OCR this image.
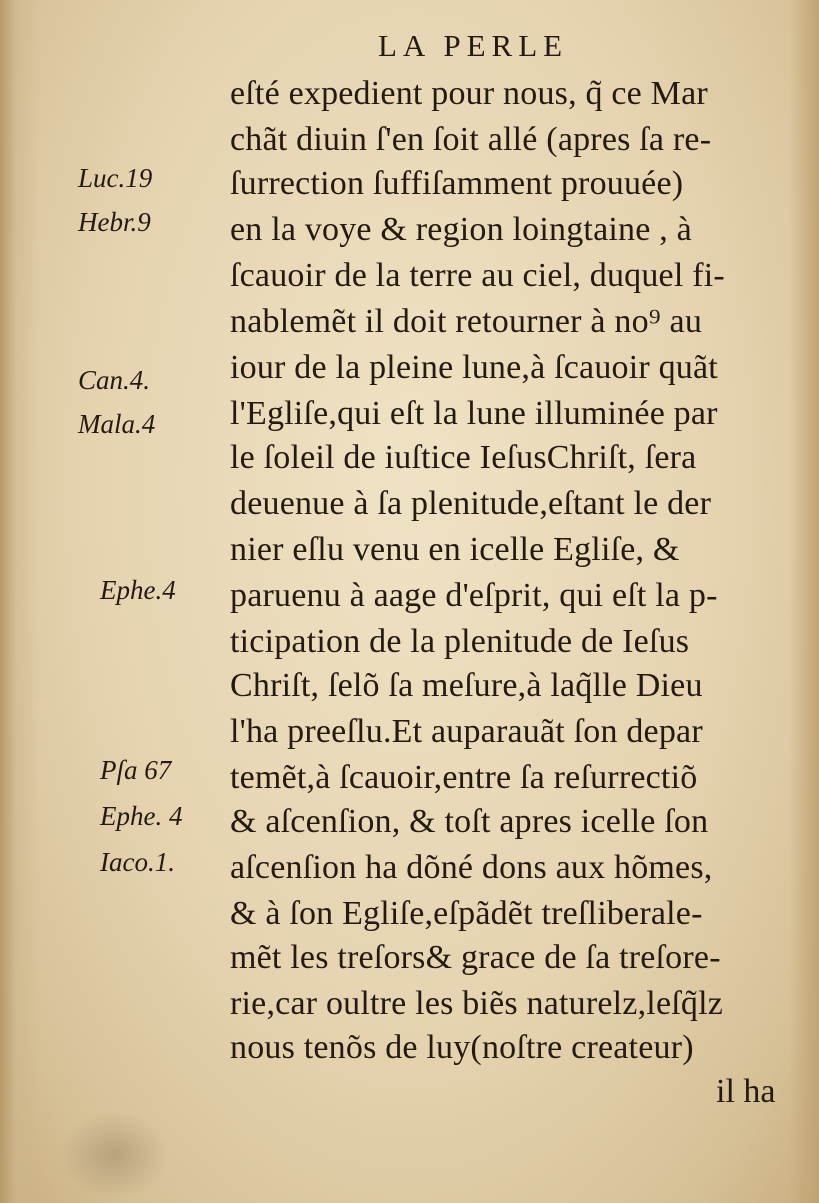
LA PERLE
Luc.19
Hebr.9
Can.4.
Mala.4
Ephe.4
Pſa 67
Ephe. 4
Iaco.1.
eſté expedient pour nous, q̃ ce Mar
chãt diuin ſ'en ſoit allé (apres ſa re-
ſurrection ſuffiſamment prouuée)
en la voye & region loingtaine , à
ſcauoir de la terre au ciel, duquel fi-
nablemẽt il doit retourner à no⁹ au
iour de la pleine lune,à ſcauoir quãt
l'Egliſe,qui eſt la lune illuminée par
le ſoleil de iuſtice IeſusChriſt, ſera
deuenue à ſa plenitude,eſtant le der
nier eſlu venu en icelle Egliſe, &
paruenu à aage d'eſprit, qui eſt la p-
ticipation de la plenitude de Ieſus
Chriſt, ſelõ ſa meſure,à laq̃lle Dieu
l'ha preeſlu.Et auparauãt ſon depar
temẽt,à ſcauoir,entre ſa reſurrectiõ
& aſcenſion, & toſt apres icelle ſon
aſcenſion ha dõné dons aux hõmes,
& à ſon Egliſe,eſpãdẽt treſliberale-
mẽt les treſors& grace de ſa treſore-
rie,car oultre les biẽs naturelz,leſq̃lz
nous tenõs de luy(noſtre createur)
il ha
